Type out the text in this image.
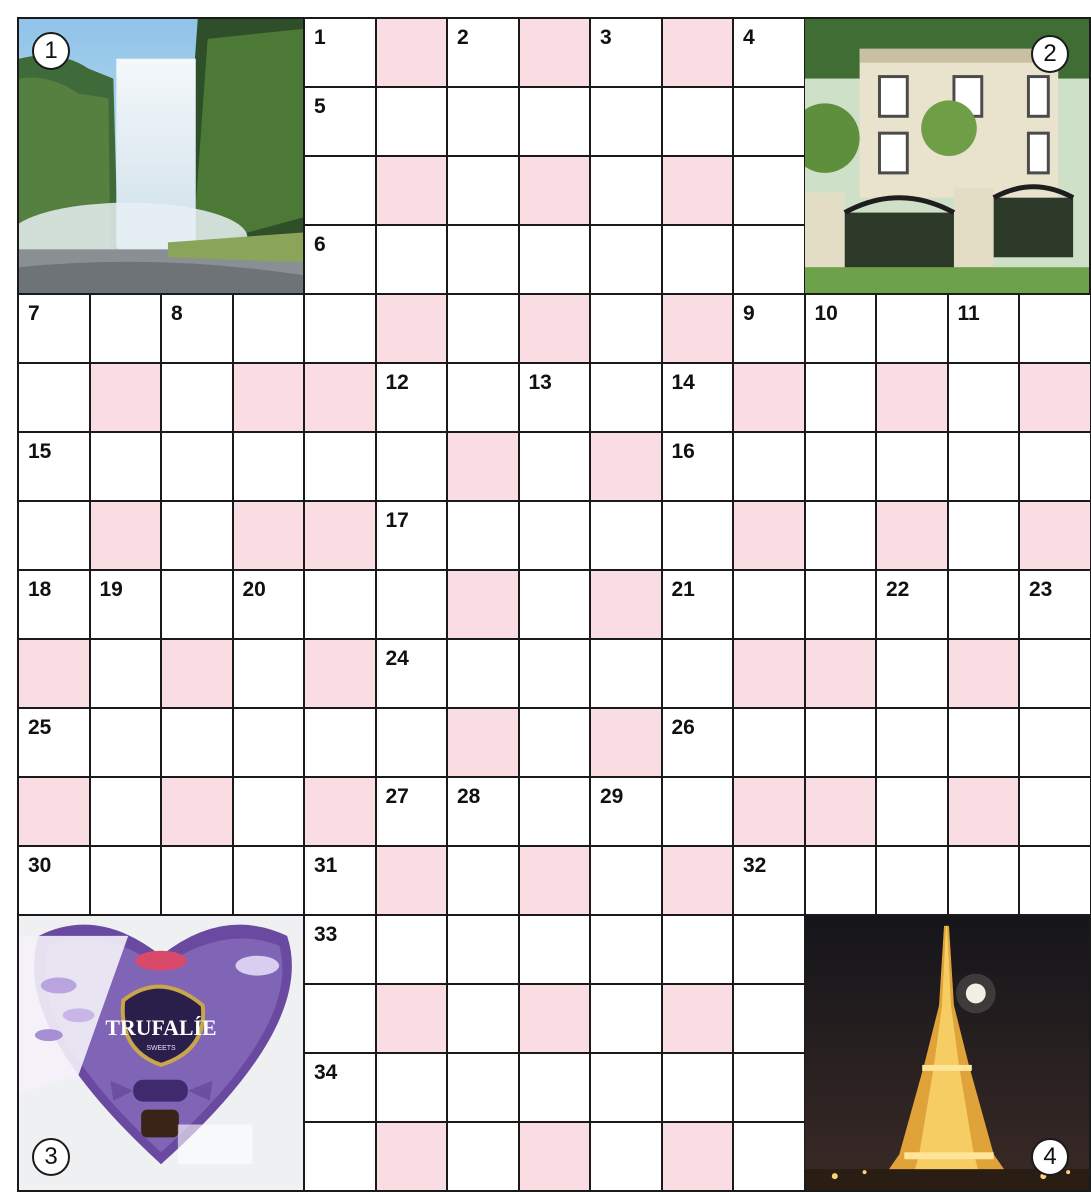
1	2	3	4
5
6
7	8	9	10	11
12	13	14
15	16
17
18 19	20	21	22	23
24
25	26
27 28	29
30	31	32
33
34
1	2
TRUFALÍE
SWEETS
3	4
